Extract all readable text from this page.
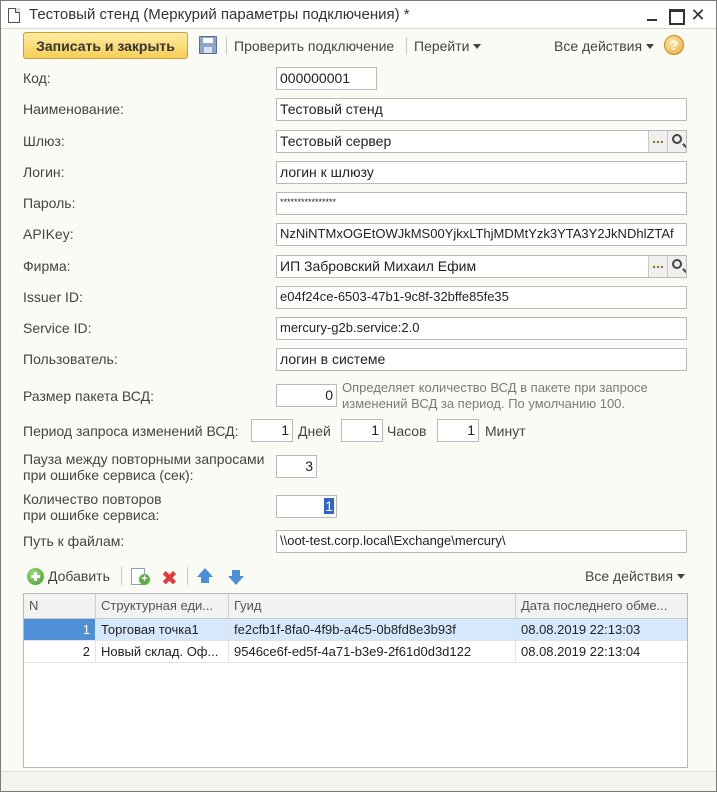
Тестовый стенд (Меркурий параметры подключения) *	✕
Записать и закрыть	Проверить подключение Перейти	Все действия	?
Код:	000000001
Наименование:	Тестовый стенд
Шлюз:	Тестовый сервер	...
Логин:	логин к шлюзу
Пароль:	****************
APIKey:	NzNiNTMxOGEtOWJkMS00YjkxLThjMDMtYzk3YTA3Y2JkNDhlZTAf
Фирма:	ИП Забровский Михаил Ефим	...
Issuer ID:	e04f24ce-6503-47b1-9c8f-32bffe85fe35
Service ID:	mercury-g2b.service:2.0
Пользователь:	логин в системе
Размер пакета ВСД:	0 Определяет количество ВСД в пакете при запросе изменений ВСД за период. По умолчанию 100.
Период запроса изменений ВСД:	1 Дней	1 Часов	1 Минут
Пауза между повторными запросами
при ошибке сервиса (сек):
3
Количество повторов
при ошибке сервиса:
1
Путь к файлам:	\\oot-test.corp.local\Exchange\mercury\
Добавить
+	✖	Все действия
N	Структурная еди...	Гуид	Дата последнего обме...
1 Торговая точка1	fe2cfb1f-8fa0-4f9b-a4c5-0b8fd8e3b93f	08.08.2019 22:13:03
2 Новый склад. Оф...	9546ce6f-ed5f-4a71-b3e9-2f61d0d3d122	08.08.2019 22:13:04
